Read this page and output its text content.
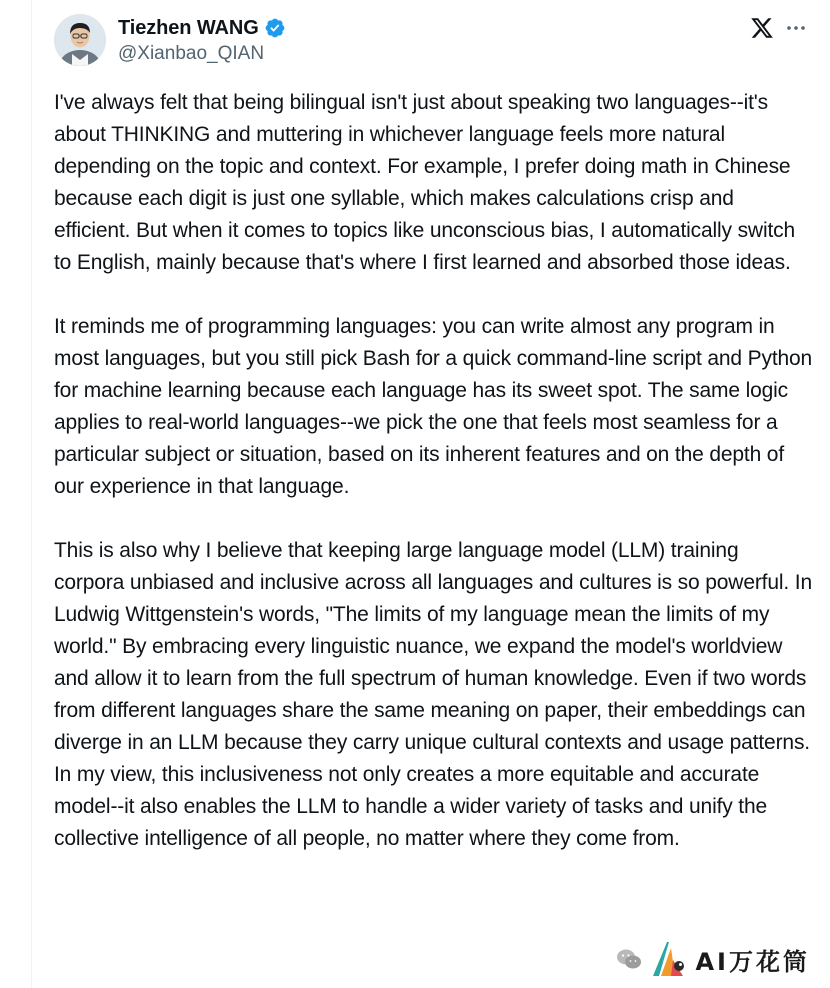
Tiezhen WANG
@Xianbao_QIAN

I've always felt that being bilingual isn't just about speaking two languages--it's about THINKING and muttering in whichever language feels more natural depending on the topic and context. For example, I prefer doing math in Chinese because each digit is just one syllable, which makes calculations crisp and efficient. But when it comes to topics like unconscious bias, I automatically switch to English, mainly because that's where I first learned and absorbed those ideas.

It reminds me of programming languages: you can write almost any program in most languages, but you still pick Bash for a quick command-line script and Python for machine learning because each language has its sweet spot. The same logic applies to real-world languages--we pick the one that feels most seamless for a particular subject or situation, based on its inherent features and on the depth of our experience in that language.

This is also why I believe that keeping large language model (LLM) training corpora unbiased and inclusive across all languages and cultures is so powerful. In Ludwig Wittgenstein's words, "The limits of my language mean the limits of my world." By embracing every linguistic nuance, we expand the model's worldview and allow it to learn from the full spectrum of human knowledge. Even if two words from different languages share the same meaning on paper, their embeddings can diverge in an LLM because they carry unique cultural contexts and usage patterns. In my view, this inclusiveness not only creates a more equitable and accurate model--it also enables the LLM to handle a wider variety of tasks and unify the collective intelligence of all people, no matter where they come from.

AI万花筒
